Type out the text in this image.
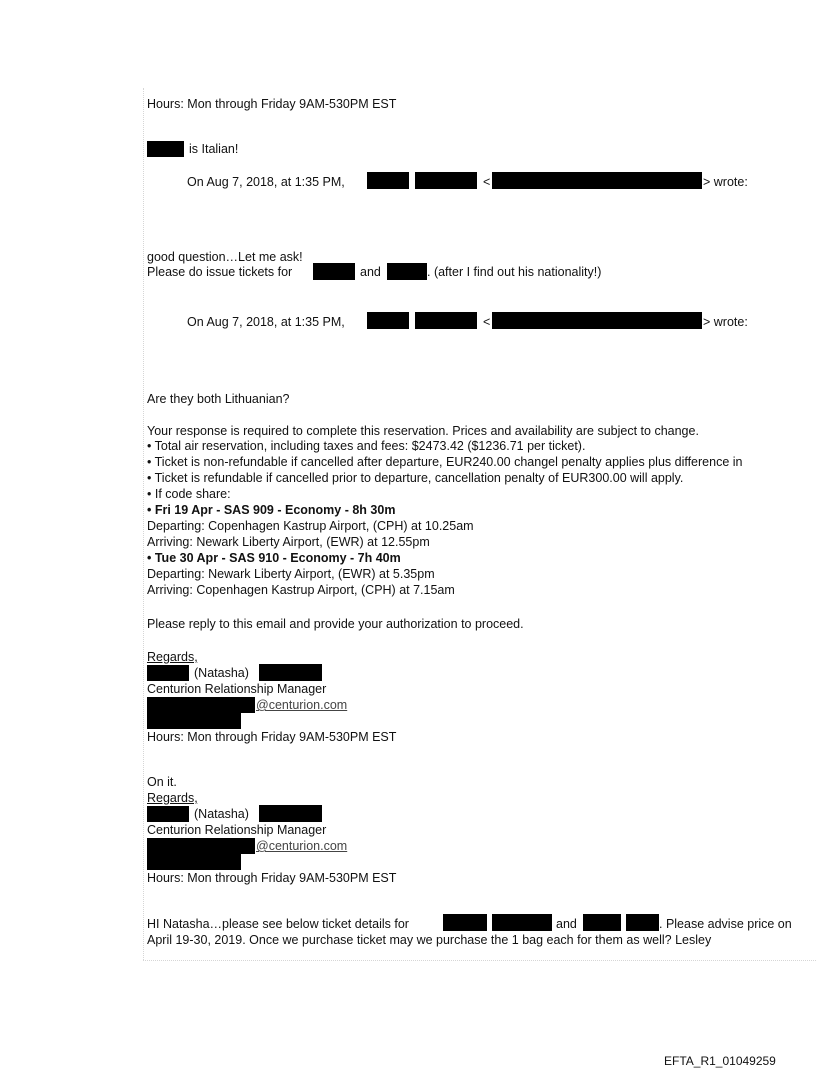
Hours: Mon through Friday 9AM-530PM EST
is Italian!
On Aug 7, 2018, at 1:35 PM,	<	> wrote:
good question…Let me ask!
Please do issue tickets for	and	. (after I find out his nationality!)
On Aug 7, 2018, at 1:35 PM,	<	> wrote:
Are they both Lithuanian?
Your response is required to complete this reservation. Prices and availability are subject to change.
• Total air reservation, including taxes and fees: $2473.42 ($1236.71 per ticket).
• Ticket is non-refundable if cancelled after departure, EUR240.00 changel penalty applies plus difference in
• Ticket is refundable if cancelled prior to departure, cancellation penalty of EUR300.00 will apply.
• If code share:
• Fri 19 Apr - SAS 909 - Economy - 8h 30m
Departing: Copenhagen Kastrup Airport, (CPH) at 10.25am
Arriving: Newark Liberty Airport, (EWR) at 12.55pm
• Tue 30 Apr - SAS 910 - Economy - 7h 40m
Departing: Newark Liberty Airport, (EWR) at 5.35pm
Arriving: Copenhagen Kastrup Airport, (CPH) at 7.15am
Please reply to this email and provide your authorization to proceed.
Regards,
(Natasha)
Centurion Relationship Manager
@centurion.com
Hours: Mon through Friday 9AM-530PM EST
On it.
Regards,
(Natasha)
Centurion Relationship Manager
@centurion.com
Hours: Mon through Friday 9AM-530PM EST
HI Natasha…please see below ticket details for	and	. Please advise price on
April 19-30, 2019. Once we purchase ticket may we purchase the 1 bag each for them as well? Lesley
EFTA_R1_01049259
